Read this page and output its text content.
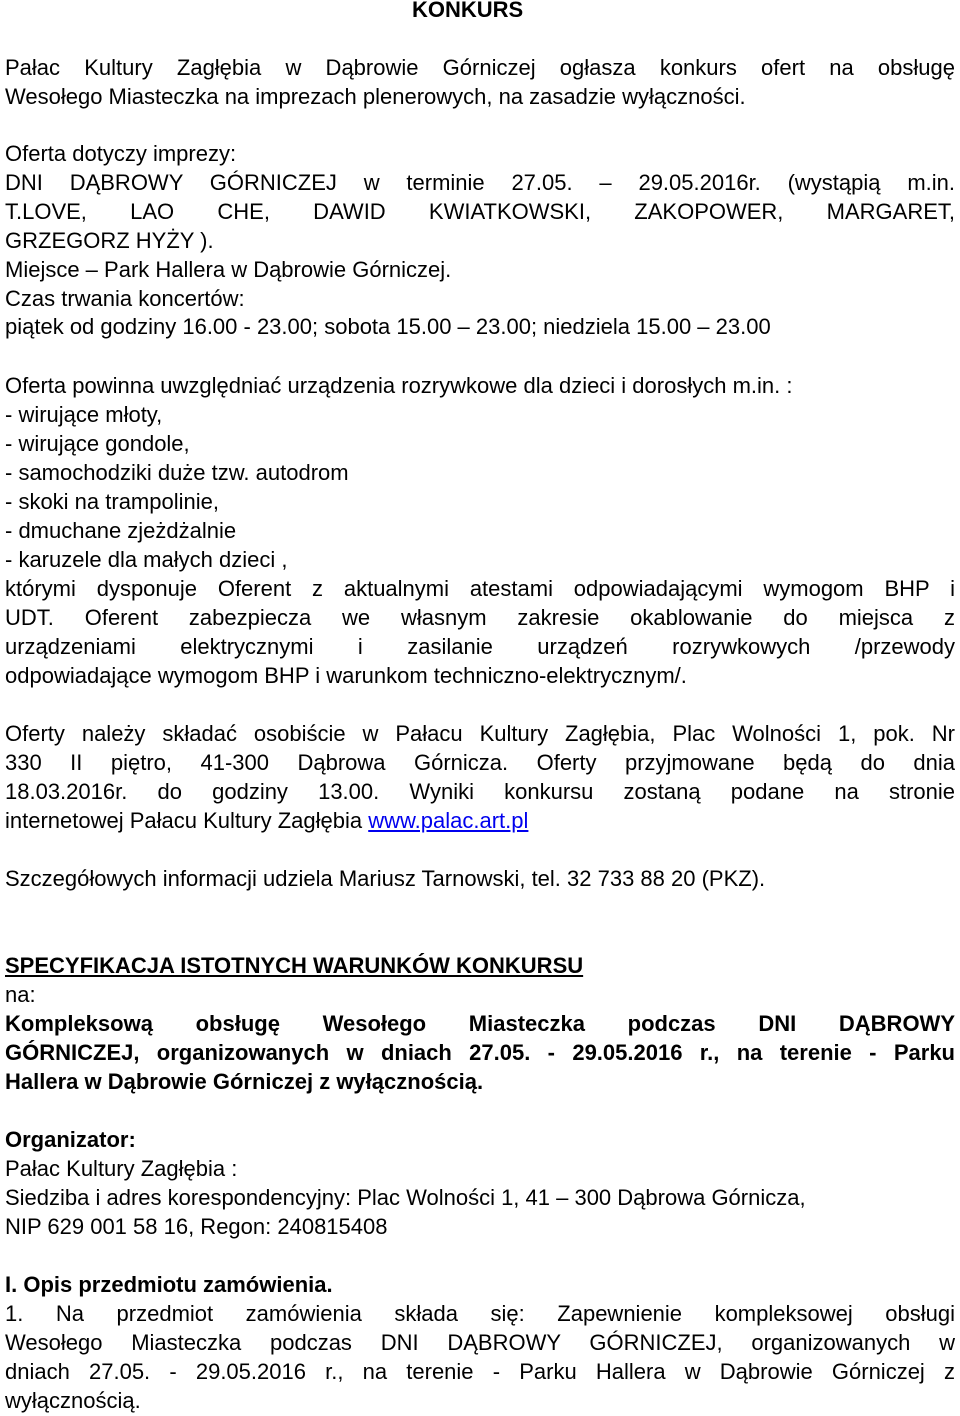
KONKURS
Pałac Kultury Zagłębia w Dąbrowie Górniczej ogłasza konkurs ofert na obsługę
Wesołego Miasteczka na imprezach plenerowych, na zasadzie wyłączności.
Oferta dotyczy imprezy:
DNI DĄBROWY GÓRNICZEJ w terminie 27.05. – 29.05.2016r. (wystąpią m.in.
T.LOVE, LAO CHE, DAWID KWIATKOWSKI, ZAKOPOWER, MARGARET,
GRZEGORZ HYŻY ).
Miejsce – Park Hallera w Dąbrowie Górniczej.
Czas trwania koncertów:
piątek od godziny 16.00 - 23.00; sobota 15.00 – 23.00; niedziela 15.00 – 23.00
Oferta powinna uwzględniać urządzenia rozrywkowe dla dzieci i dorosłych m.in. :
- wirujące młoty,
- wirujące gondole,
- samochodziki duże tzw. autodrom
- skoki na trampolinie,
- dmuchane zjeżdżalnie
- karuzele dla małych dzieci ,
którymi dysponuje Oferent z aktualnymi atestami odpowiadającymi wymogom BHP i
UDT. Oferent zabezpiecza we własnym zakresie okablowanie do miejsca z
urządzeniami elektrycznymi i zasilanie urządzeń rozrywkowych /przewody
odpowiadające wymogom BHP i warunkom techniczno-elektrycznym/.
Oferty należy składać osobiście w Pałacu Kultury Zagłębia, Plac Wolności 1, pok. Nr
330 II piętro, 41-300 Dąbrowa Górnicza. Oferty przyjmowane będą do dnia
18.03.2016r. do godziny 13.00. Wyniki konkursu zostaną podane na stronie
internetowej Pałacu Kultury Zagłębia www.palac.art.pl
Szczegółowych informacji udziela Mariusz Tarnowski, tel. 32 733 88 20 (PKZ).
SPECYFIKACJA ISTOTNYCH WARUNKÓW KONKURSU
na:
Kompleksową obsługę Wesołego Miasteczka podczas DNI DĄBROWY
GÓRNICZEJ, organizowanych w dniach 27.05. - 29.05.2016 r., na terenie - Parku
Hallera w Dąbrowie Górniczej z wyłącznością.
Organizator:
Pałac Kultury Zagłębia :
Siedziba i adres korespondencyjny: Plac Wolności 1, 41 – 300 Dąbrowa Górnicza,
NIP 629 001 58 16, Regon: 240815408
I. Opis przedmiotu zamówienia.
1. Na przedmiot zamówienia składa się: Zapewnienie kompleksowej obsługi
Wesołego Miasteczka podczas DNI DĄBROWY GÓRNICZEJ, organizowanych w
dniach 27.05. - 29.05.2016 r., na terenie - Parku Hallera w Dąbrowie Górniczej z
wyłącznością.
